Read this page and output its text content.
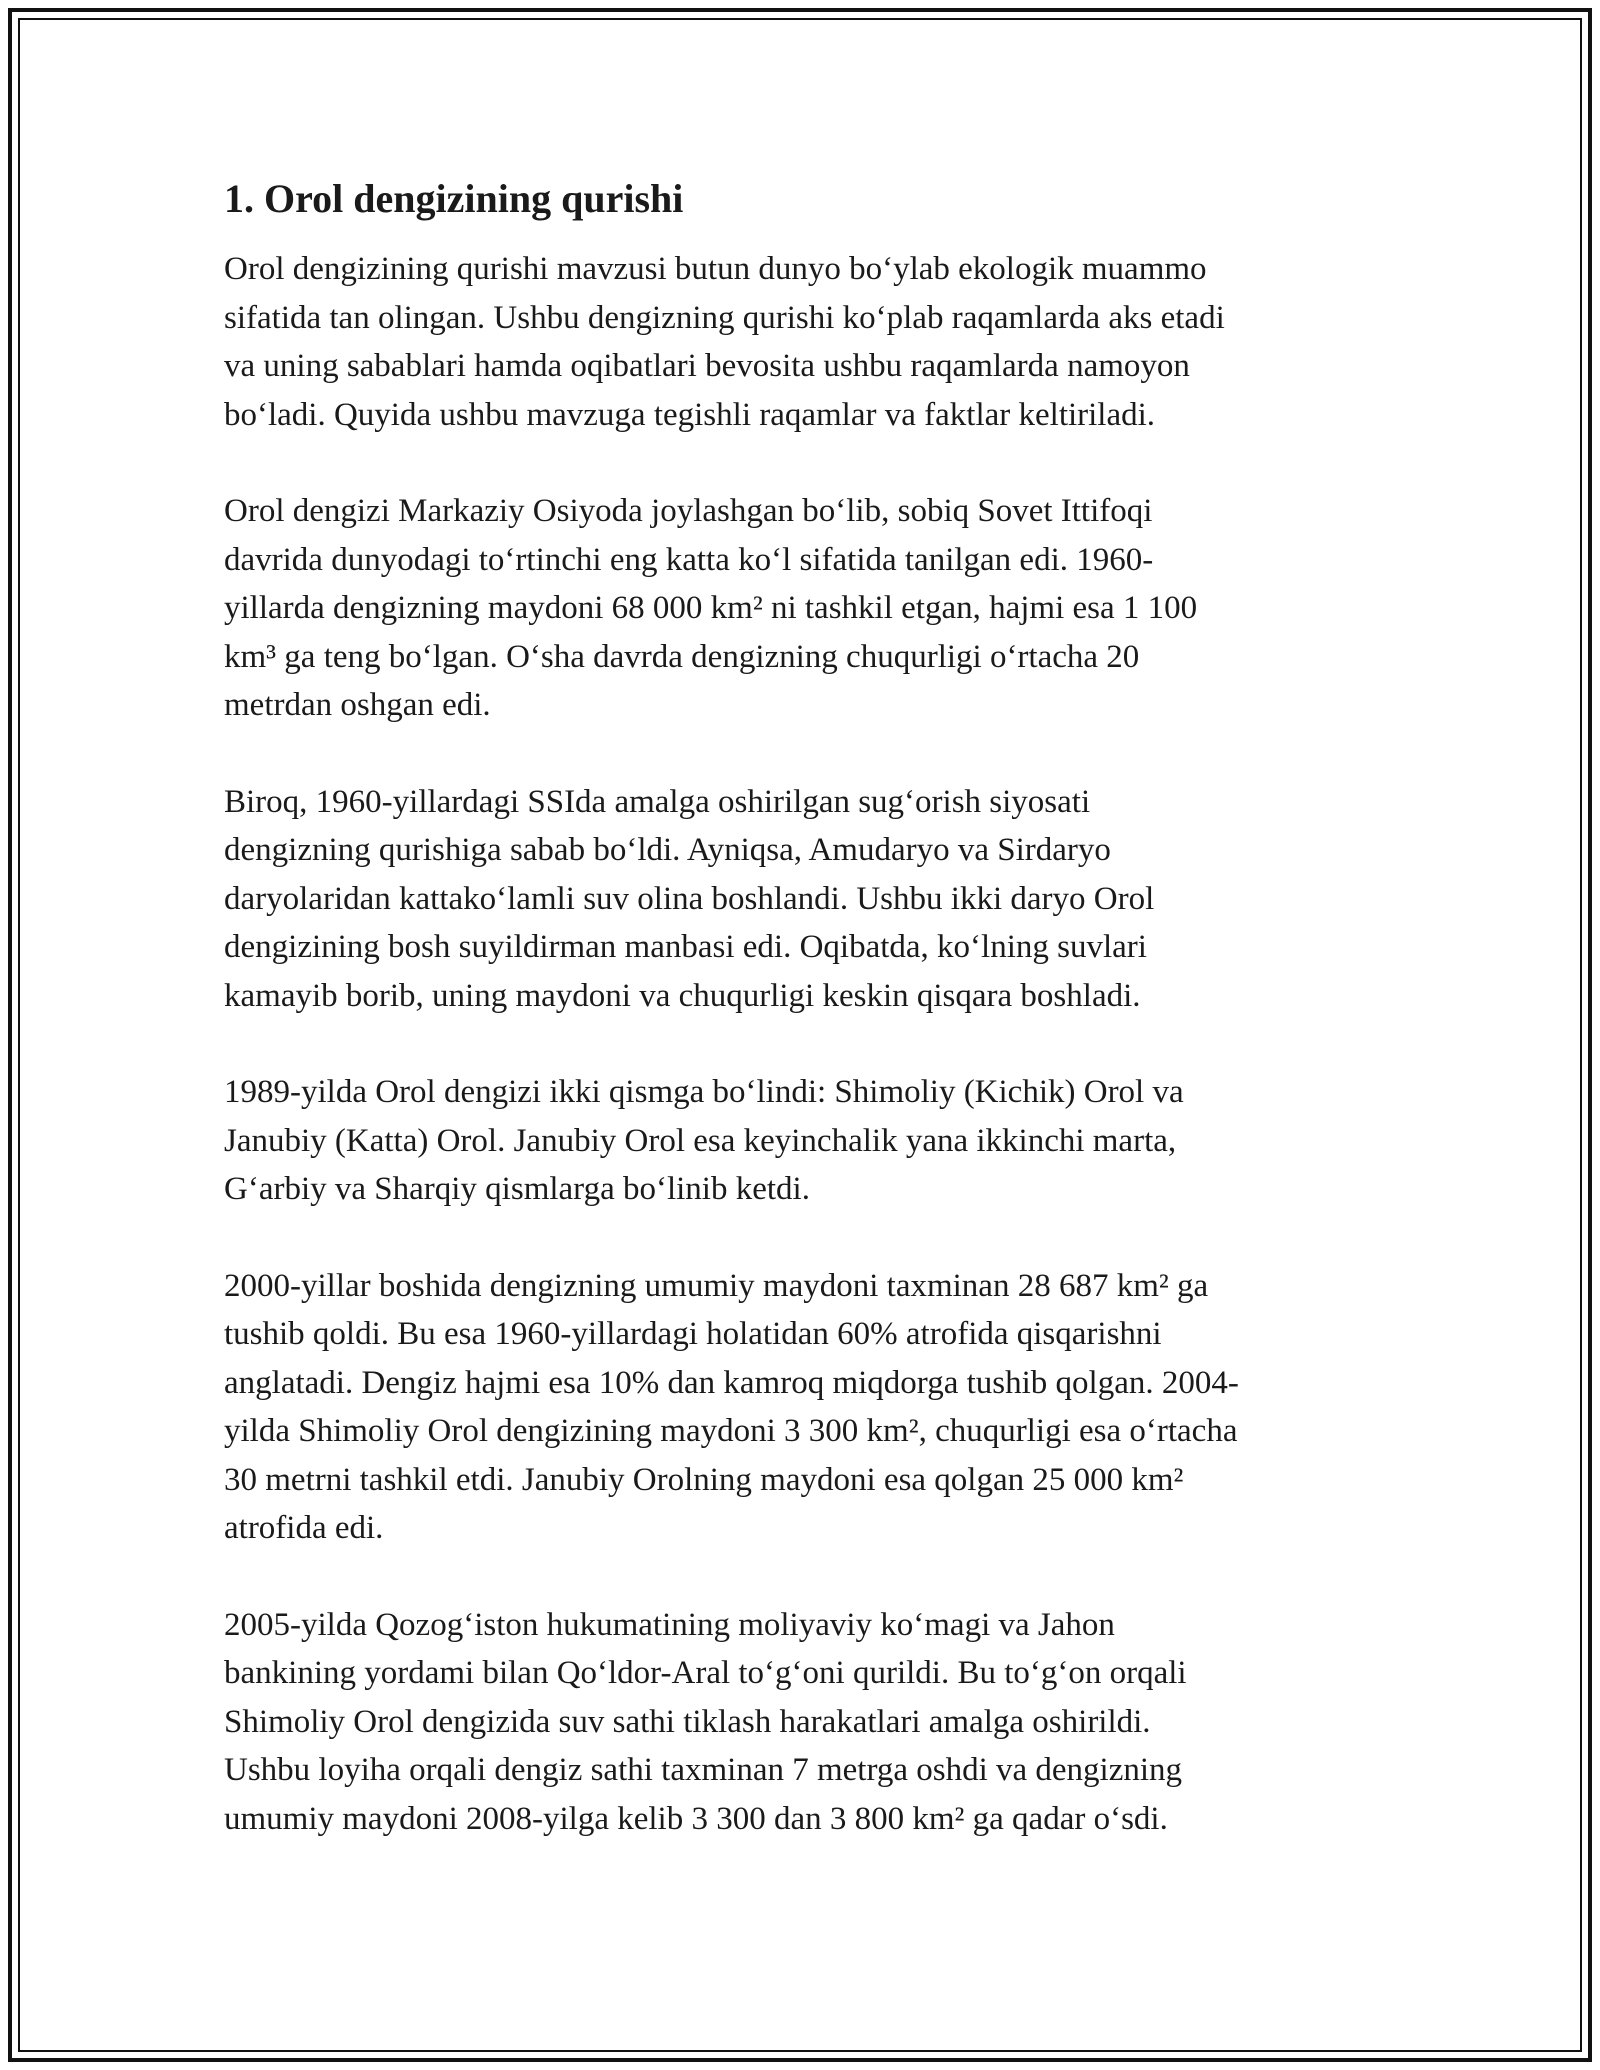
1. Orol dengizining qurishi

Orol dengizining qurishi mavzusi butun dunyo bo‘ylab ekologik muammo
sifatida tan olingan. Ushbu dengizning qurishi ko‘plab raqamlarda aks etadi
va uning sabablari hamda oqibatlari bevosita ushbu raqamlarda namoyon
bo‘ladi. Quyida ushbu mavzuga tegishli raqamlar va faktlar keltiriladi.

Orol dengizi Markaziy Osiyoda joylashgan bo‘lib, sobiq Sovet Ittifoqi
davrida dunyodagi to‘rtinchi eng katta ko‘l sifatida tanilgan edi. 1960-
yillarda dengizning maydoni 68 000 km² ni tashkil etgan, hajmi esa 1 100
km³ ga teng bo‘lgan. O‘sha davrda dengizning chuqurligi o‘rtacha 20
metrdan oshgan edi.

Biroq, 1960-yillardagi SSIda amalga oshirilgan sug‘orish siyosati
dengizning qurishiga sabab bo‘ldi. Ayniqsa, Amudaryo va Sirdaryo
daryolaridan kattako‘lamli suv olina boshlandi. Ushbu ikki daryo Orol
dengizining bosh suyildirman manbasi edi. Oqibatda, ko‘lning suvlari
kamayib borib, uning maydoni va chuqurligi keskin qisqara boshladi.

1989-yilda Orol dengizi ikki qismga bo‘lindi: Shimoliy (Kichik) Orol va
Janubiy (Katta) Orol. Janubiy Orol esa keyinchalik yana ikkinchi marta,
G‘arbiy va Sharqiy qismlarga bo‘linib ketdi.

2000-yillar boshida dengizning umumiy maydoni taxminan 28 687 km² ga
tushib qoldi. Bu esa 1960-yillardagi holatidan 60% atrofida qisqarishni
anglatadi. Dengiz hajmi esa 10% dan kamroq miqdorga tushib qolgan. 2004-
yilda Shimoliy Orol dengizining maydoni 3 300 km², chuqurligi esa o‘rtacha
30 metrni tashkil etdi. Janubiy Orolning maydoni esa qolgan 25 000 km²
atrofida edi.

2005-yilda Qozog‘iston hukumatining moliyaviy ko‘magi va Jahon
bankining yordami bilan Qo‘ldor-Aral to‘g‘oni qurildi. Bu to‘g‘on orqali
Shimoliy Orol dengizida suv sathi tiklash harakatlari amalga oshirildi.
Ushbu loyiha orqali dengiz sathi taxminan 7 metrga oshdi va dengizning
umumiy maydoni 2008-yilga kelib 3 300 dan 3 800 km² ga qadar o‘sdi.
